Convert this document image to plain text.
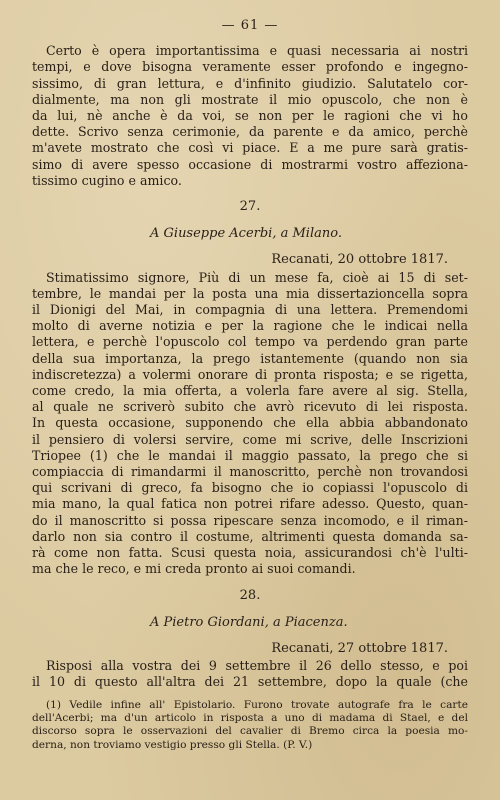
— 61 —

Certo è opera importantissima e quasi necessaria ai nostri
tempi, e dove bisogna veramente esser profondo e ingegno-
sissimo, di gran lettura, e d'infinito giudizio. Salutatelo cor-
dialmente, ma non gli mostrate il mio opuscolo, che non è
da lui, nè anche è da voi, se non per le ragioni che vi ho
dette. Scrivo senza cerimonie, da parente e da amico, perchè
m'avete mostrato che così vi piace. E a me pure sarà gratis-
simo di avere spesso occasione di mostrarmi vostro affeziona-
tissimo cugino e amico.

27.
A Giuseppe Acerbi, a Milano.
Recanati, 20 ottobre 1817.

Stimatissimo signore, Più di un mese fa, cioè ai 15 di set-
tembre, le mandai per la posta una mia dissertazioncella sopra
il Dionigi del Mai, in compagnia di una lettera. Premendomi
molto di averne notizia e per la ragione che le indicai nella
lettera, e perchè l'opuscolo col tempo va perdendo gran parte
della sua importanza, la prego istantemente (quando non sia
indiscretezza) a volermi onorare di pronta risposta; e se rigetta,
come credo, la mia offerta, a volerla fare avere al sig. Stella,
al quale ne scriverò subito che avrò ricevuto di lei risposta.
In questa occasione, supponendo che ella abbia abbandonato
il pensiero di volersi servire, come mi scrive, delle Inscrizioni
Triopee (1) che le mandai il maggio passato, la prego che si
compiaccia di rimandarmi il manoscritto, perchè non trovandosi
qui scrivani di greco, fa bisogno che io copiassi l'opuscolo di
mia mano, la qual fatica non potrei rifare adesso. Questo, quan-
do il manoscritto si possa ripescare senza incomodo, e il riman-
darlo non sia contro il costume, altrimenti questa domanda sa-
rà come non fatta. Scusi questa noia, assicurandosi ch'è l'ulti-
ma che le reco, e mi creda pronto ai suoi comandi.

28.
A Pietro Giordani, a Piacenza.
Recanati, 27 ottobre 1817.

Risposi alla vostra dei 9 settembre il 26 dello stesso, e poi
il 10 di questo all'altra dei 21 settembre, dopo la quale (che

(1) Vedile infine all' Epistolario. Furono trovate autografe fra le carte
dell'Acerbi; ma d'un articolo in risposta a uno di madama di Stael, e del
discorso sopra le osservazioni del cavalier di Bremo circa la poesia mo-
derna, non troviamo vestigio presso gli Stella. (P. V.)
